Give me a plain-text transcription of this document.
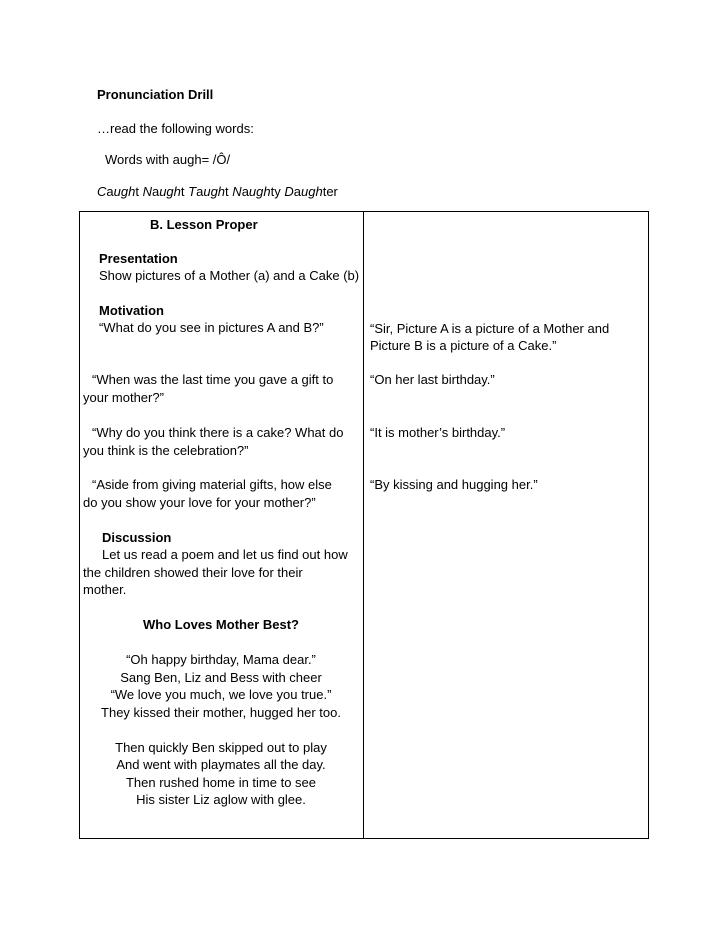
Pronunciation Drill
…read the following words:
Words with augh= /Ô/
Caught Naught Taught Naughty Daughter
B. Lesson Proper
Presentation
Show pictures of a Mother (a) and a Cake (b)
Motivation
“What do you see in pictures A and B?”
“When was the last time you gave a gift to
your mother?”
“Why do you think there is a cake? What do
you think is the celebration?”
“Aside from giving material gifts, how else
do you show your love for your mother?”
Discussion
Let us read a poem and let us find out how
the children showed their love for their
mother.
Who Loves Mother Best?
“Oh happy birthday, Mama dear.”
Sang Ben, Liz and Bess with cheer
“We love you much, we love you true.”
They kissed their mother, hugged her too.
Then quickly Ben skipped out to play
And went with playmates all the day.
Then rushed home in time to see
His sister Liz aglow with glee.
“Sir, Picture A is a picture of a Mother and
Picture B is a picture of a Cake.”
“On her last birthday.”
“It is mother’s birthday.”
“By kissing and hugging her.”
